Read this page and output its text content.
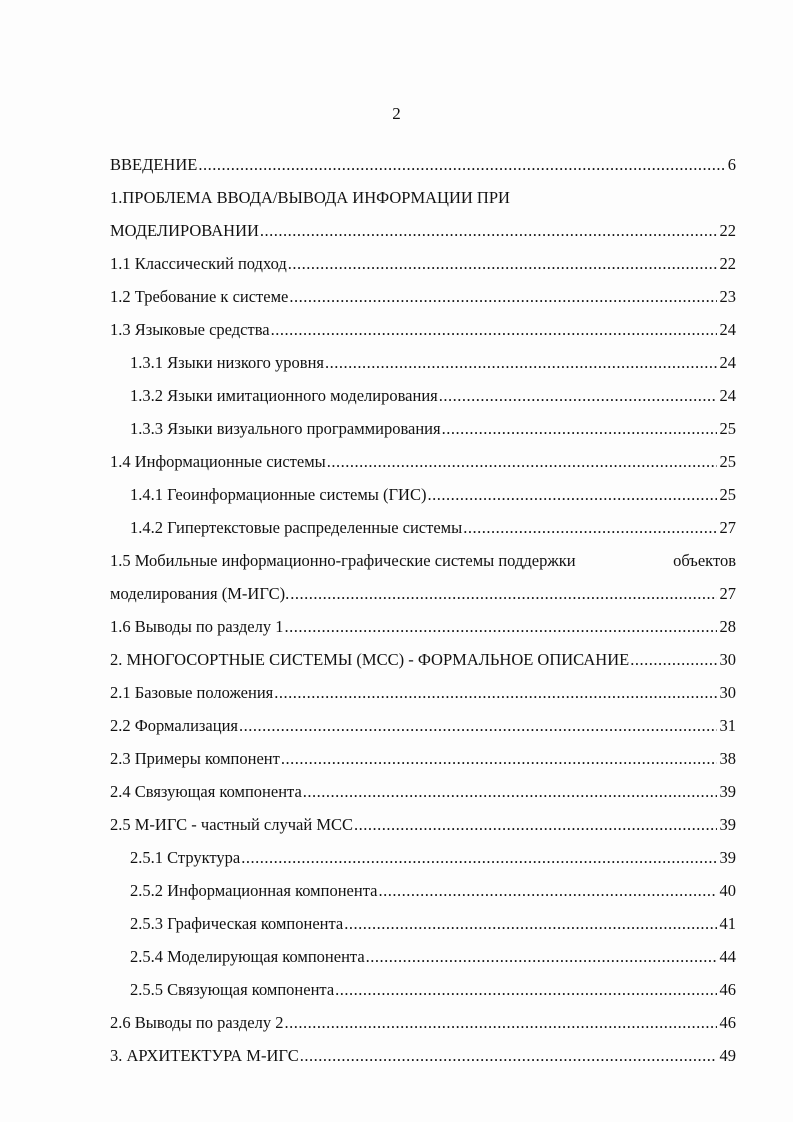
2
ВВЕДЕНИЕ .....	6
1.ПРОБЛЕМА ВВОДА/ВЫВОДА ИНФОРМАЦИИ ПРИ
МОДЕЛИРОВАНИИ .....	22
1.1 Классический подход .....	22
1.2 Требование к системе .....	23
1.3 Языковые средства .....	24
1.3.1 Языки низкого уровня .....	24
1.3.2 Языки имитационного моделирования .....	24
1.3.3 Языки визуального программирования .....	25
1.4 Информационные системы .....	25
1.4.1 Геоинформационные системы (ГИС) .....	25
1.4.2 Гипертекстовые распределенные системы .....	27
1.5 Мобильные информационно-графические системы поддержки	объектов
моделирования (М-ИГС). .....	27
1.6 Выводы по разделу 1 .....	28
2. МНОГОСОРТНЫЕ СИСТЕМЫ (МСС) - ФОРМАЛЬНОЕ ОПИСАНИЕ .....	30
2.1 Базовые положения .....	30
2.2 Формализация .....	31
2.3 Примеры компонент .....	38
2.4 Связующая компонента .....	39
2.5 М-ИГС - частный случай МСС .....	39
2.5.1 Структура .....	39
2.5.2 Информационная компонента .....	40
2.5.3 Графическая компонента .....	41
2.5.4 Моделирующая компонента .....	44
2.5.5 Связующая компонента .....	46
2.6 Выводы по разделу 2 .....	46
3. АРХИТЕКТУРА М-ИГС .....	49
